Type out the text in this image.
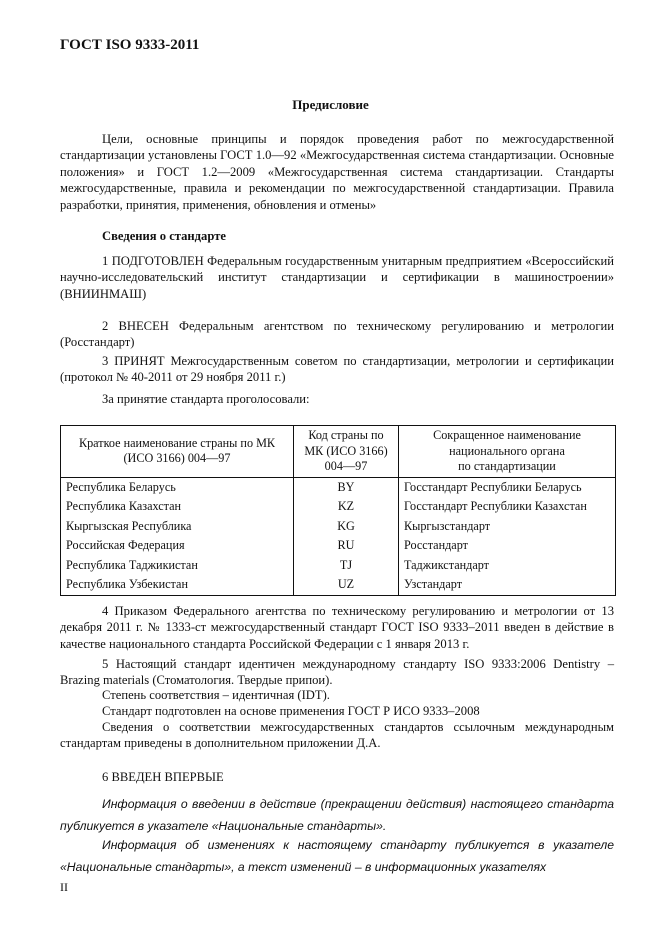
ГОСТ ISO 9333-2011
Предисловие
Цели, основные принципы и порядок проведения работ по межгосударственной стандартизации установлены ГОСТ 1.0—92 «Межгосударственная система стандартизации. Основные положения» и ГОСТ 1.2—2009 «Межгосударственная система стандартизации. Стандарты межгосударственные, правила и рекомендации по межгосударственной стандартизации. Правила разработки, принятия, применения, обновления и отмены»
Сведения о стандарте
1 ПОДГОТОВЛЕН Федеральным государственным унитарным предприятием «Всероссийский научно-исследовательский институт стандартизации и сертификации в машиностроении» (ВНИИНМАШ)
2 ВНЕСЕН Федеральным агентством по техническому регулированию и метрологии (Росстандарт)
3 ПРИНЯТ Межгосударственным советом по стандартизации, метрологии и сертификации (протокол № 40-2011 от 29 ноября 2011 г.)
За принятие стандарта проголосовали:
Краткое наименование страны по МК (ИСО 3166) 004—97	Код страны по МК (ИСО 3166) 004—97	Сокращенное наименование
национального органа
по стандартизации
Республика Беларусь	BY	Госстандарт Республики Беларусь
Республика Казахстан	KZ	Госстандарт Республики Казахстан
Кыргызская Республика	KG	Кыргызстандарт
Российская Федерация	RU	Росстандарт
Республика Таджикистан	TJ	Таджикстандарт
Республика Узбекистан	UZ	Узстандарт
4 Приказом Федерального агентства по техническому регулированию и метрологии от 13 декабря 2011 г. № 1333-ст межгосударственный стандарт ГОСТ ISO 9333–2011 введен в действие в качестве национального стандарта Российской Федерации с 1 января 2013 г.
5 Настоящий стандарт идентичен международному стандарту ISO 9333:2006 Dentistry – Brazing materials (Стоматология. Твердые припои).
Степень соответствия – идентичная (IDT).
Стандарт подготовлен на основе применения ГОСТ Р ИСО 9333–2008
Сведения о соответствии межгосударственных стандартов ссылочным международным стандартам приведены в дополнительном приложении Д.А.
6 ВВЕДЕН ВПЕРВЫЕ
Информация о введении в действие (прекращении действия) настоящего стандарта публикуется в указателе «Национальные стандарты».
Информация об изменениях к настоящему стандарту публикуется в указателе «Национальные стандарты», а текст изменений – в информационных указателях
II
